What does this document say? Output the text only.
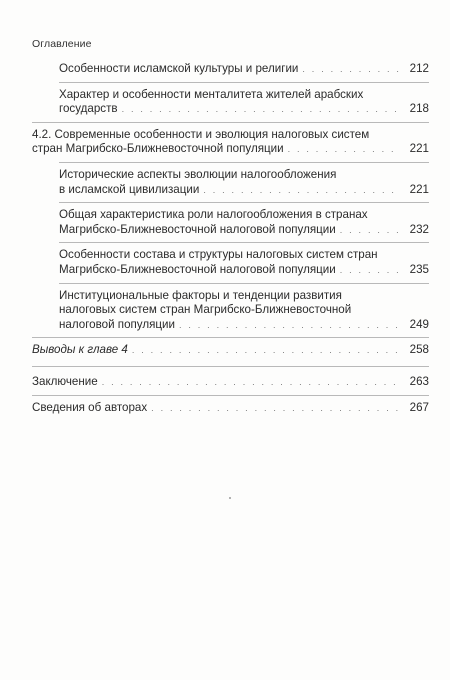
Оглавление
Особенности исламской культуры и религии . . .	212
Характер и особенности менталитета жителей арабских
государств . . .	218
4.2. Современные особенности и эволюция налоговых систем
стран Магрибско-Ближневосточной популяции . . .	221
Исторические аспекты эволюции налогообложения
в исламской цивилизации . . .	221
Общая характеристика роли налогообложения в странах
Магрибско-Ближневосточной налоговой популяции . . .	232
Особенности состава и структуры налоговых систем стран
Магрибско-Ближневосточной налоговой популяции . . .	235
Институциональные факторы и тенденции развития
налоговых систем стран Магрибско-Ближневосточной
налоговой популяции . . .	249
Выводы к главе 4 . . .	258
Заключение . . .	263
Сведения об авторах . . .	267
